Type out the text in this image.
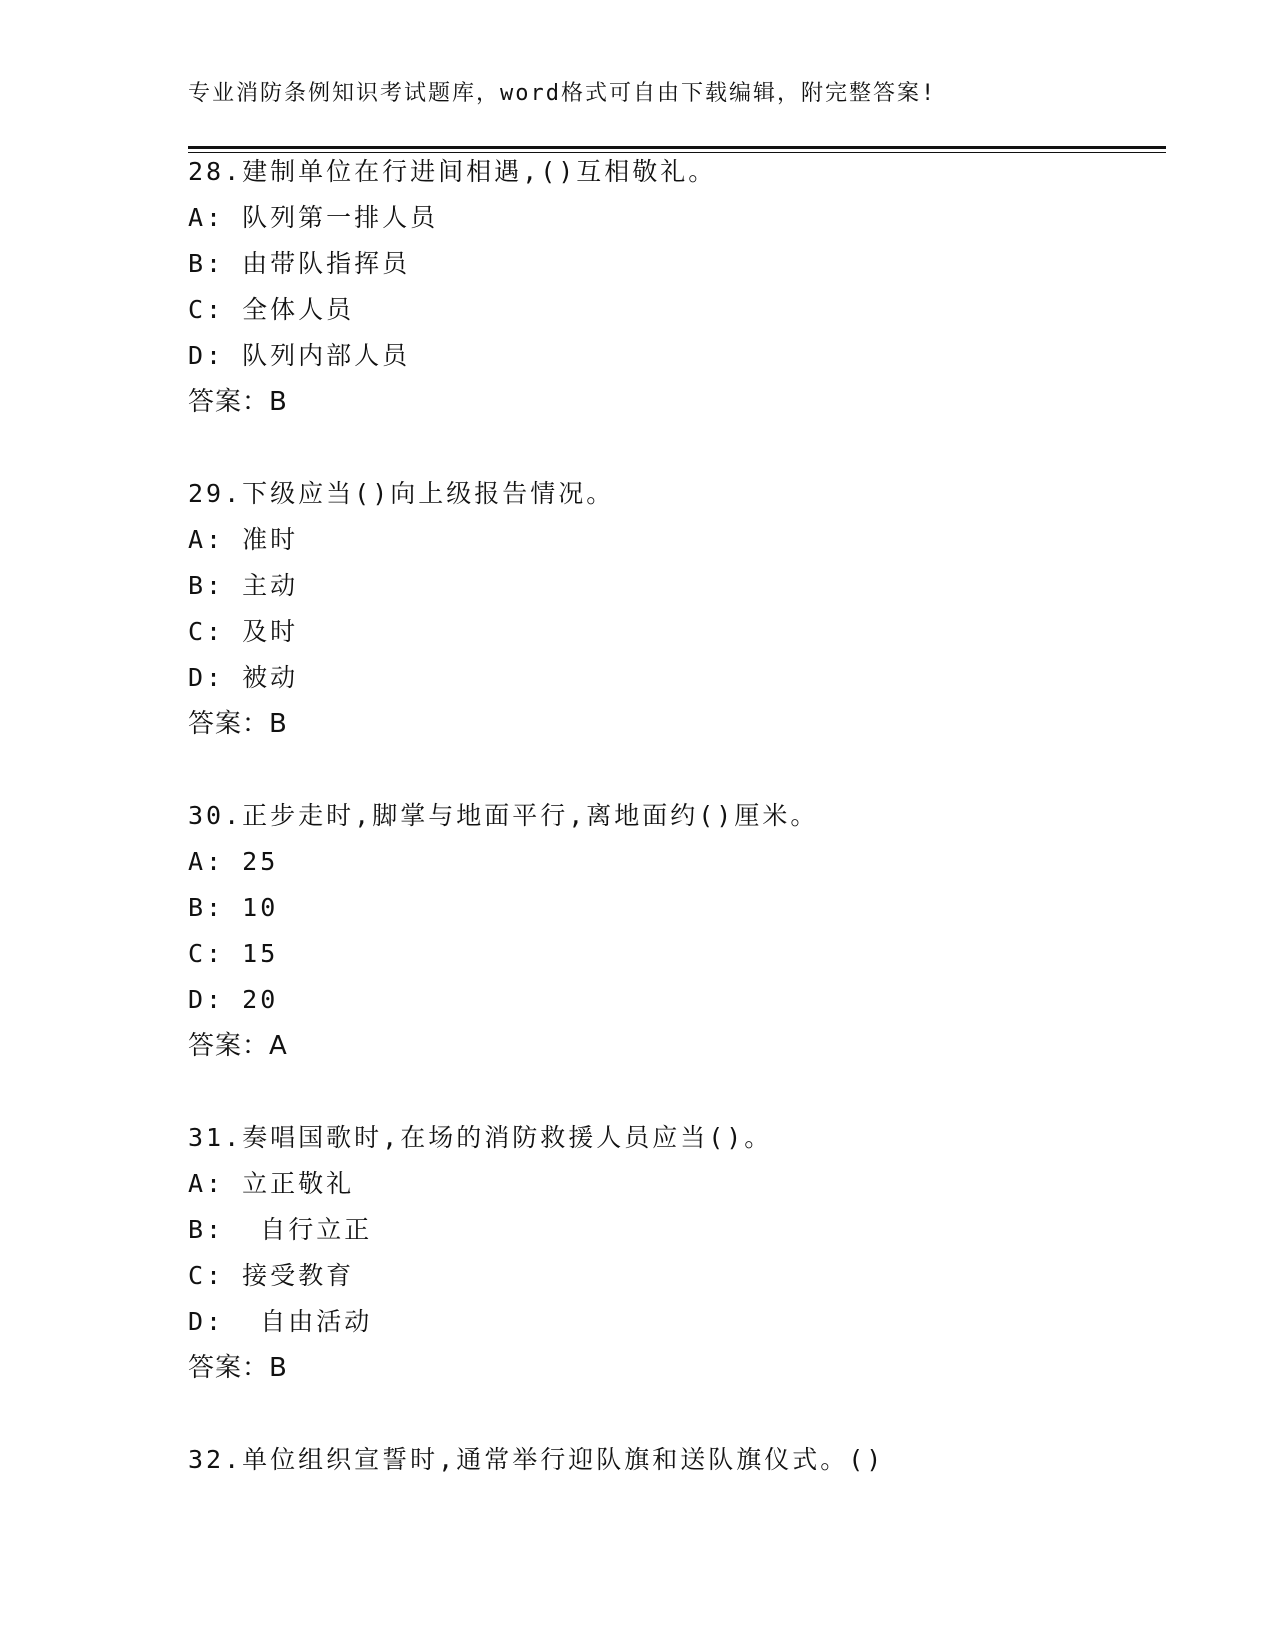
专业消防条例知识考试题库，word格式可自由下载编辑，附完整答案!
28.建制单位在行进间相遇,()互相敬礼。
A: 队列第一排人员
B: 由带队指挥员
C: 全体人员
D: 队列内部人员
答案：B
29.下级应当()向上级报告情况。
A: 准时
B: 主动
C: 及时
D: 被动
答案：B
30.正步走时,脚掌与地面平行,离地面约()厘米。
A: 25
B: 10
C: 15
D: 20
答案：A
31.奏唱国歌时,在场的消防救援人员应当()。
A: 立正敬礼
B:  自行立正
C: 接受教育
D:  自由活动
答案：B
32.单位组织宣誓时,通常举行迎队旗和送队旗仪式。()
